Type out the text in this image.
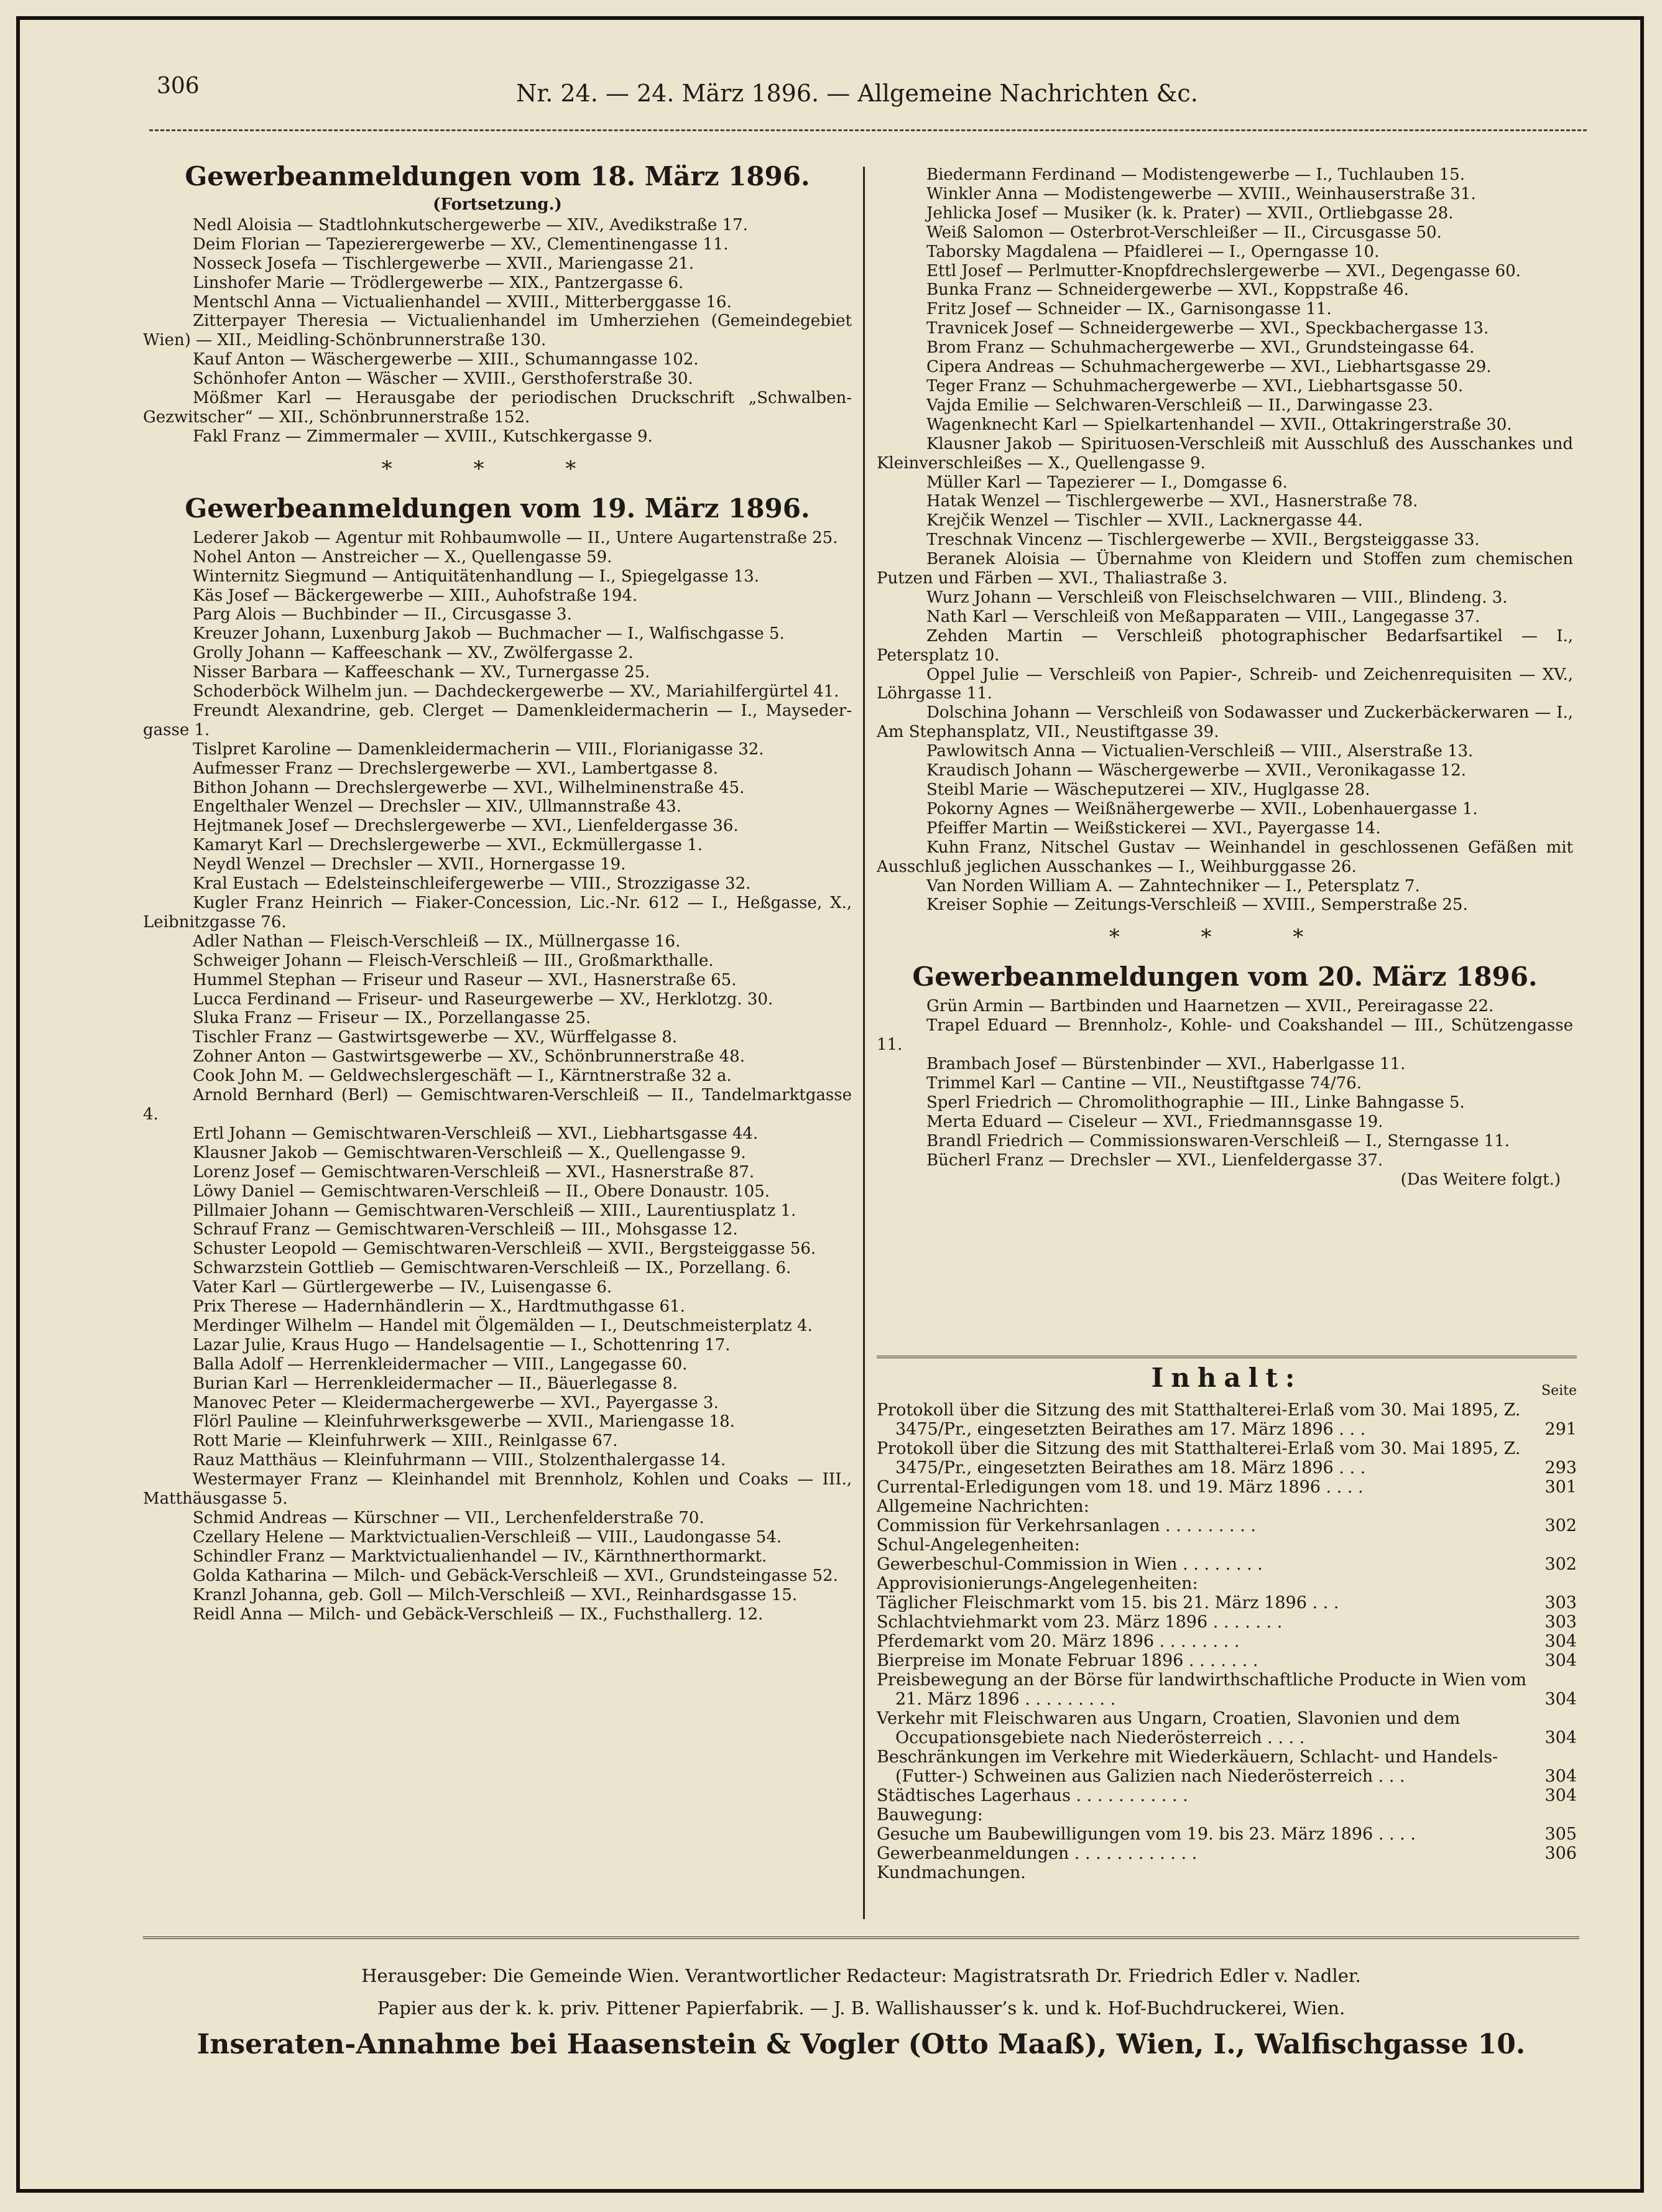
306	Nr. 24. — 24. März 1896. — Allgemeine Nachrichten &c.
Gewerbeanmeldungen vom 18. März 1896.

(Fortsetzung.)

Nedl Aloisia — Stadtlohnkutschergewerbe — XIV., Avedikstraße 17.

Deim Florian — Tapezierergewerbe — XV., Clementinengasse 11.

Nosseck Josefa — Tischlergewerbe — XVII., Mariengasse 21.

Linshofer Marie — Trödlergewerbe — XIX., Pantzergasse 6.

Mentschl Anna — Victualienhandel — XVIII., Mitterberggasse 16.

Zitterpayer Theresia — Victualienhandel im Umherziehen (Gemeindegebiet Wien) — XII., Meidling-Schönbrunnerstraße 130.

Kauf Anton — Wäschergewerbe — XIII., Schumanngasse 102.

Schönhofer Anton — Wäscher — XVIII., Gersthoferstraße 30.

Mößmer Karl — Herausgabe der periodischen Druckschrift „Schwalben-Gezwitscher“ — XII., Schönbrunnerstraße 152.

Fakl Franz — Zimmermaler — XVIII., Kutschkergasse 9.

* * *
Gewerbeanmeldungen vom 19. März 1896.

Lederer Jakob — Agentur mit Rohbaumwolle — II., Untere Augartenstraße 25.

Nohel Anton — Anstreicher — X., Quellengasse 59.

Winternitz Siegmund — Antiquitätenhandlung — I., Spiegelgasse 13.

Käs Josef — Bäckergewerbe — XIII., Auhofstraße 194.

Parg Alois — Buchbinder — II., Circusgasse 3.

Kreuzer Johann, Luxenburg Jakob — Buchmacher — I., Walfischgasse 5.

Grolly Johann — Kaffeeschank — XV., Zwölfergasse 2.

Nisser Barbara — Kaffeeschank — XV., Turnergasse 25.

Schoderböck Wilhelm jun. — Dachdeckergewerbe — XV., Mariahilfergürtel 41.

Freundt Alexandrine, geb. Clerget — Damenkleidermacherin — I., Maysedergasse 1.

Tislpret Karoline — Damenkleidermacherin — VIII., Florianigasse 32.

Aufmesser Franz — Drechslergewerbe — XVI., Lambertgasse 8.

Bithon Johann — Drechslergewerbe — XVI., Wilhelminenstraße 45.

Engelthaler Wenzel — Drechsler — XIV., Ullmannstraße 43.

Hejtmanek Josef — Drechslergewerbe — XVI., Lienfeldergasse 36.

Kamaryt Karl — Drechslergewerbe — XVI., Eckmüllergasse 1.

Neydl Wenzel — Drechsler — XVII., Hornergasse 19.

Kral Eustach — Edelsteinschleifergewerbe — VIII., Strozzigasse 32.

Kugler Franz Heinrich — Fiaker-Concession, Lic.-Nr. 612 — I., Heßgasse, X., Leibnitzgasse 76.

Adler Nathan — Fleisch-Verschleiß — IX., Müllnergasse 16.

Schweiger Johann — Fleisch-Verschleiß — III., Großmarkthalle.

Hummel Stephan — Friseur und Raseur — XVI., Hasnerstraße 65.

Lucca Ferdinand — Friseur- und Raseurgewerbe — XV., Herklotzg. 30.

Sluka Franz — Friseur — IX., Porzellangasse 25.

Tischler Franz — Gastwirtsgewerbe — XV., Würffelgasse 8.

Zohner Anton — Gastwirtsgewerbe — XV., Schönbrunnerstraße 48.

Cook John M. — Geldwechslergeschäft — I., Kärntnerstraße 32 a.

Arnold Bernhard (Berl) — Gemischtwaren-Verschleiß — II., Tandelmarktgasse 4.

Ertl Johann — Gemischtwaren-Verschleiß — XVI., Liebhartsgasse 44.

Klausner Jakob — Gemischtwaren-Verschleiß — X., Quellengasse 9.

Lorenz Josef — Gemischtwaren-Verschleiß — XVI., Hasnerstraße 87.

Löwy Daniel — Gemischtwaren-Verschleiß — II., Obere Donaustr. 105.

Pillmaier Johann — Gemischtwaren-Verschleiß — XIII., Laurentiusplatz 1.

Schrauf Franz — Gemischtwaren-Verschleiß — III., Mohsgasse 12.

Schuster Leopold — Gemischtwaren-Verschleiß — XVII., Bergsteiggasse 56.

Schwarzstein Gottlieb — Gemischtwaren-Verschleiß — IX., Porzellang. 6.

Vater Karl — Gürtlergewerbe — IV., Luisengasse 6.

Prix Therese — Hadernhändlerin — X., Hardtmuthgasse 61.

Merdinger Wilhelm — Handel mit Ölgemälden — I., Deutschmeisterplatz 4.

Lazar Julie, Kraus Hugo — Handelsagentie — I., Schottenring 17.

Balla Adolf — Herrenkleidermacher — VIII., Langegasse 60.

Burian Karl — Herrenkleidermacher — II., Bäuerlegasse 8.

Manovec Peter — Kleidermachergewerbe — XVI., Payergasse 3.

Flörl Pauline — Kleinfuhrwerksgewerbe — XVII., Mariengasse 18.

Rott Marie — Kleinfuhrwerk — XIII., Reinlgasse 67.

Rauz Matthäus — Kleinfuhrmann — VIII., Stolzenthalergasse 14.

Westermayer Franz — Kleinhandel mit Brennholz, Kohlen und Coaks — III., Matthäusgasse 5.

Schmid Andreas — Kürschner — VII., Lerchenfelderstraße 70.

Czellary Helene — Marktvictualien-Verschleiß — VIII., Laudongasse 54.

Schindler Franz — Marktvictualienhandel — IV., Kärnthnerthormarkt.

Golda Katharina — Milch- und Gebäck-Verschleiß — XVI., Grundsteingasse 52.

Kranzl Johanna, geb. Goll — Milch-Verschleiß — XVI., Reinhardsgasse 15.

Reidl Anna — Milch- und Gebäck-Verschleiß — IX., Fuchsthallerg. 12.

Biedermann Ferdinand — Modistengewerbe — I., Tuchlauben 15.

Winkler Anna — Modistengewerbe — XVIII., Weinhauserstraße 31.

Jehlicka Josef — Musiker (k. k. Prater) — XVII., Ortliebgasse 28.

Weiß Salomon — Osterbrot-Verschleißer — II., Circusgasse 50.

Taborsky Magdalena — Pfaidlerei — I., Operngasse 10.

Ettl Josef — Perlmutter-Knopfdrechslergewerbe — XVI., Degengasse 60.

Bunka Franz — Schneidergewerbe — XVI., Koppstraße 46.

Fritz Josef — Schneider — IX., Garnisongasse 11.

Travnicek Josef — Schneidergewerbe — XVI., Speckbachergasse 13.

Brom Franz — Schuhmachergewerbe — XVI., Grundsteingasse 64.

Cipera Andreas — Schuhmachergewerbe — XVI., Liebhartsgasse 29.

Teger Franz — Schuhmachergewerbe — XVI., Liebhartsgasse 50.

Vajda Emilie — Selchwaren-Verschleiß — II., Darwingasse 23.

Wagenknecht Karl — Spielkartenhandel — XVII., Ottakringerstraße 30.

Klausner Jakob — Spirituosen-Verschleiß mit Ausschluß des Ausschankes und Kleinverschleißes — X., Quellengasse 9.

Müller Karl — Tapezierer — I., Domgasse 6.

Hatak Wenzel — Tischlergewerbe — XVI., Hasnerstraße 78.

Krejčik Wenzel — Tischler — XVII., Lacknergasse 44.

Treschnak Vincenz — Tischlergewerbe — XVII., Bergsteiggasse 33.

Beranek Aloisia — Übernahme von Kleidern und Stoffen zum chemischen Putzen und Färben — XVI., Thaliastraße 3.

Wurz Johann — Verschleiß von Fleischselchwaren — VIII., Blindeng. 3.

Nath Karl — Verschleiß von Meßapparaten — VIII., Langegasse 37.

Zehden Martin — Verschleiß photographischer Bedarfsartikel — I., Petersplatz 10.

Oppel Julie — Verschleiß von Papier-, Schreib- und Zeichenrequisiten — XV., Löhrgasse 11.

Dolschina Johann — Verschleiß von Sodawasser und Zuckerbäckerwaren — I., Am Stephansplatz, VII., Neustiftgasse 39.

Pawlowitsch Anna — Victualien-Verschleiß — VIII., Alserstraße 13.

Kraudisch Johann — Wäschergewerbe — XVII., Veronikagasse 12.

Steibl Marie — Wäscheputzerei — XIV., Huglgasse 28.

Pokorny Agnes — Weißnähergewerbe — XVII., Lobenhauergasse 1.

Pfeiffer Martin — Weißstickerei — XVI., Payergasse 14.

Kuhn Franz, Nitschel Gustav — Weinhandel in geschlossenen Gefäßen mit Ausschluß jeglichen Ausschankes — I., Weihburggasse 26.

Van Norden William A. — Zahntechniker — I., Petersplatz 7.

Kreiser Sophie — Zeitungs-Verschleiß — XVIII., Semperstraße 25.

* * *
Gewerbeanmeldungen vom 20. März 1896.

Grün Armin — Bartbinden und Haarnetzen — XVII., Pereiragasse 22.

Trapel Eduard — Brennholz-, Kohle- und Coakshandel — III., Schützengasse 11.

Brambach Josef — Bürstenbinder — XVI., Haberlgasse 11.

Trimmel Karl — Cantine — VII., Neustiftgasse 74/76.

Sperl Friedrich — Chromolithographie — III., Linke Bahngasse 5.

Merta Eduard — Ciseleur — XVI., Friedmannsgasse 19.

Brandl Friedrich — Commissionswaren-Verschleiß — I., Sterngasse 11.

Bücherl Franz — Drechsler — XVI., Lienfeldergasse 37.

(Das Weitere folgt.)

Inhalt:	Seite
Protokoll über die Sitzung des mit Statthalterei-Erlaß vom 30. Mai 1895, Z. 3475/Pr., eingesetzten Beirathes am 17. März 1896 . . .	291
Protokoll über die Sitzung des mit Statthalterei-Erlaß vom 30. Mai 1895, Z. 3475/Pr., eingesetzten Beirathes am 18. März 1896 . . .	293
Currental-Erledigungen vom 18. und 19. März 1896 . . . .	301
Allgemeine Nachrichten:
Commission für Verkehrsanlagen . . . . . . . . .	302
Schul-Angelegenheiten:
Gewerbeschul-Commission in Wien . . . . . . . .	302
Approvisionierungs-Angelegenheiten:
Täglicher Fleischmarkt vom 15. bis 21. März 1896 . . .	303
Schlachtviehmarkt vom 23. März 1896 . . . . . . .	303
Pferdemarkt vom 20. März 1896 . . . . . . . .	304
Bierpreise im Monate Februar 1896 . . . . . . .	304
Preisbewegung an der Börse für landwirthschaftliche Producte in Wien vom 21. März 1896 . . . . . . . . .	304
Verkehr mit Fleischwaren aus Ungarn, Croatien, Slavonien und dem Occupationsgebiete nach Niederösterreich . . . .	304
Beschränkungen im Verkehre mit Wiederkäuern, Schlacht- und Handels- (Futter-) Schweinen aus Galizien nach Niederösterreich . . .	304
Städtisches Lagerhaus . . . . . . . . . . .	304
Bauwegung:
Gesuche um Baubewilligungen vom 19. bis 23. März 1896 . . . .	305
Gewerbeanmeldungen . . . . . . . . . . . .	306
Kundmachungen.
Herausgeber: Die Gemeinde Wien. Verantwortlicher Redacteur: Magistratsrath Dr. Friedrich Edler v. Nadler.
Papier aus der k. k. priv. Pittener Papierfabrik. — J. B. Wallishausser’s k. und k. Hof-Buchdruckerei, Wien.
Inseraten-Annahme bei Haasenstein & Vogler (Otto Maaß), Wien, I., Walfischgasse 10.
